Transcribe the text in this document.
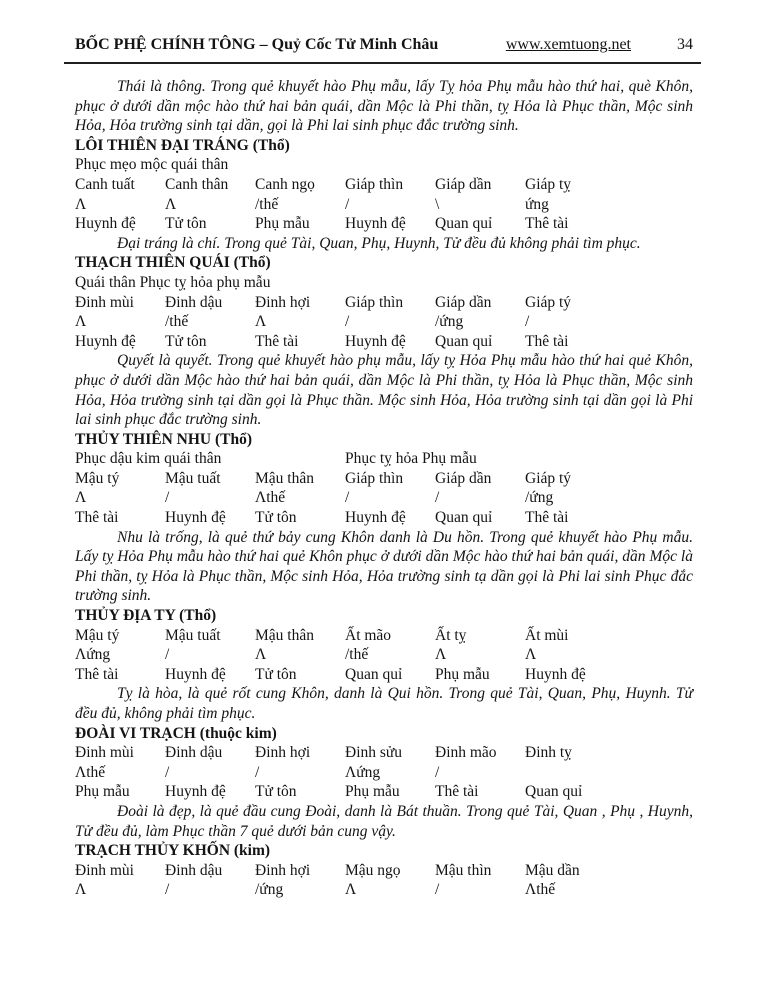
BỐC PHỆ CHÍNH TÔNG – Quỷ Cốc Tử Minh Châu	www.xemtuong.net	34

Thái là thông. Trong quẻ khuyết hào Phụ mẫu, lấy Tỵ hỏa Phụ mẫu hào thứ hai, què Khôn, phục ở dưới dần mộc hào thứ hai bản quái, dần Mộc là Phi thần, tỵ Hỏa là Phục thần, Mộc sinh Hỏa, Hỏa trường sinh tại dần, gọi là Phi lai sinh phục đắc trường sinh.

LÔI THIÊN ĐẠI TRÁNG (Thổ)
Phục mẹo mộc quái thân
Canh tuất	Canh thân	Canh ngọ	Giáp thìn	Giáp dần	Giáp tỵ
Λ	Λ	/thế	/	\	ứng
Huynh đệ	Tử tôn	Phụ mẫu	Huynh đệ	Quan quỉ	Thê tài

Đại tráng là chí. Trong quẻ Tài, Quan, Phụ, Huynh, Tử đều đủ không phải tìm phục.

THẠCH THIÊN QUÁI (Thổ)
Quái thân Phục tỵ hỏa phụ mẫu
Đinh mùi	Đinh dậu	Đinh hợi	Giáp thìn	Giáp dần	Giáp tý
Λ	/thế	Λ	/	/ứng	/
Huynh đệ	Tử tôn	Thê tài	Huynh đệ	Quan quỉ	Thê tài

Quyết là quyết. Trong quẻ khuyết hào phụ mẫu, lấy tỵ Hỏa Phụ mẫu hào thứ hai quẻ Khôn, phục ở dưới dần Mộc hào thứ hai bản quái, dần Mộc là Phi thần, tỵ Hỏa là Phục thần, Mộc sinh Hỏa, Hỏa trường sinh tại dần gọi là Phục thần. Mộc sinh Hỏa, Hỏa trường sinh tại dần gọi là Phi lai sinh phục đắc trường sinh.

THỦY THIÊN NHU (Thổ)
Phục dậu kim quái thân	Phục tỵ hỏa Phụ mẫu
Mậu tý	Mậu tuất	Mậu thân	Giáp thìn	Giáp dần	Giáp tý
Λ	/	Λthế	/	/	/ứng
Thê tài	Huynh đệ	Tử tôn	Huynh đệ	Quan quỉ	Thê tài

Nhu là trống, là quẻ thứ bảy cung Khôn danh là Du hồn. Trong quẻ khuyết hào Phụ mẫu. Lấy tỵ Hỏa Phụ mẫu hào thứ hai quẻ Khôn phục ở dưới dần Mộc hào thứ hai bản quái, dần Mộc là Phi thần, tỵ Hỏa là Phục thần, Mộc sinh Hỏa, Hỏa trường sinh tạ dần gọi là Phi lai sinh Phục đắc trường sinh.

THỦY ĐỊA TY (Thổ)
Mậu tý	Mậu tuất	Mậu thân	Ất mão	Ất tỵ	Ất mùi
Λứng	/	Λ	/thế	Λ	Λ
Thê tài	Huynh đệ	Tử tôn	Quan quỉ	Phụ mẫu	Huynh đệ

Tỵ là hòa, là quẻ rốt cung Khôn, danh là Qui hồn. Trong quẻ Tài, Quan, Phụ, Huynh. Tử đều đủ, không phải tìm phục.

ĐOÀI VI TRẠCH (thuộc kim)
Đinh mùi	Đinh dậu	Đinh hợi	Đinh sửu	Đinh mão	Đinh tỵ
Λthế	/	/	Λứng	/
Phụ mẫu	Huynh đệ	Tử tôn	Phụ mẫu	Thê tài	Quan quỉ

Đoài là đẹp, là quẻ đầu cung Đoài, danh là Bát thuần. Trong quẻ Tài, Quan , Phụ , Huynh, Tử đều đủ, làm Phục thần 7 quẻ dưới bản cung vậy.

TRẠCH THỦY KHỐN (kim)
Đinh mùi	Đinh dậu	Đinh hợi	Mậu ngọ	Mậu thìn	Mậu dần
Λ	/	/ứng	Λ	/	Λthế
